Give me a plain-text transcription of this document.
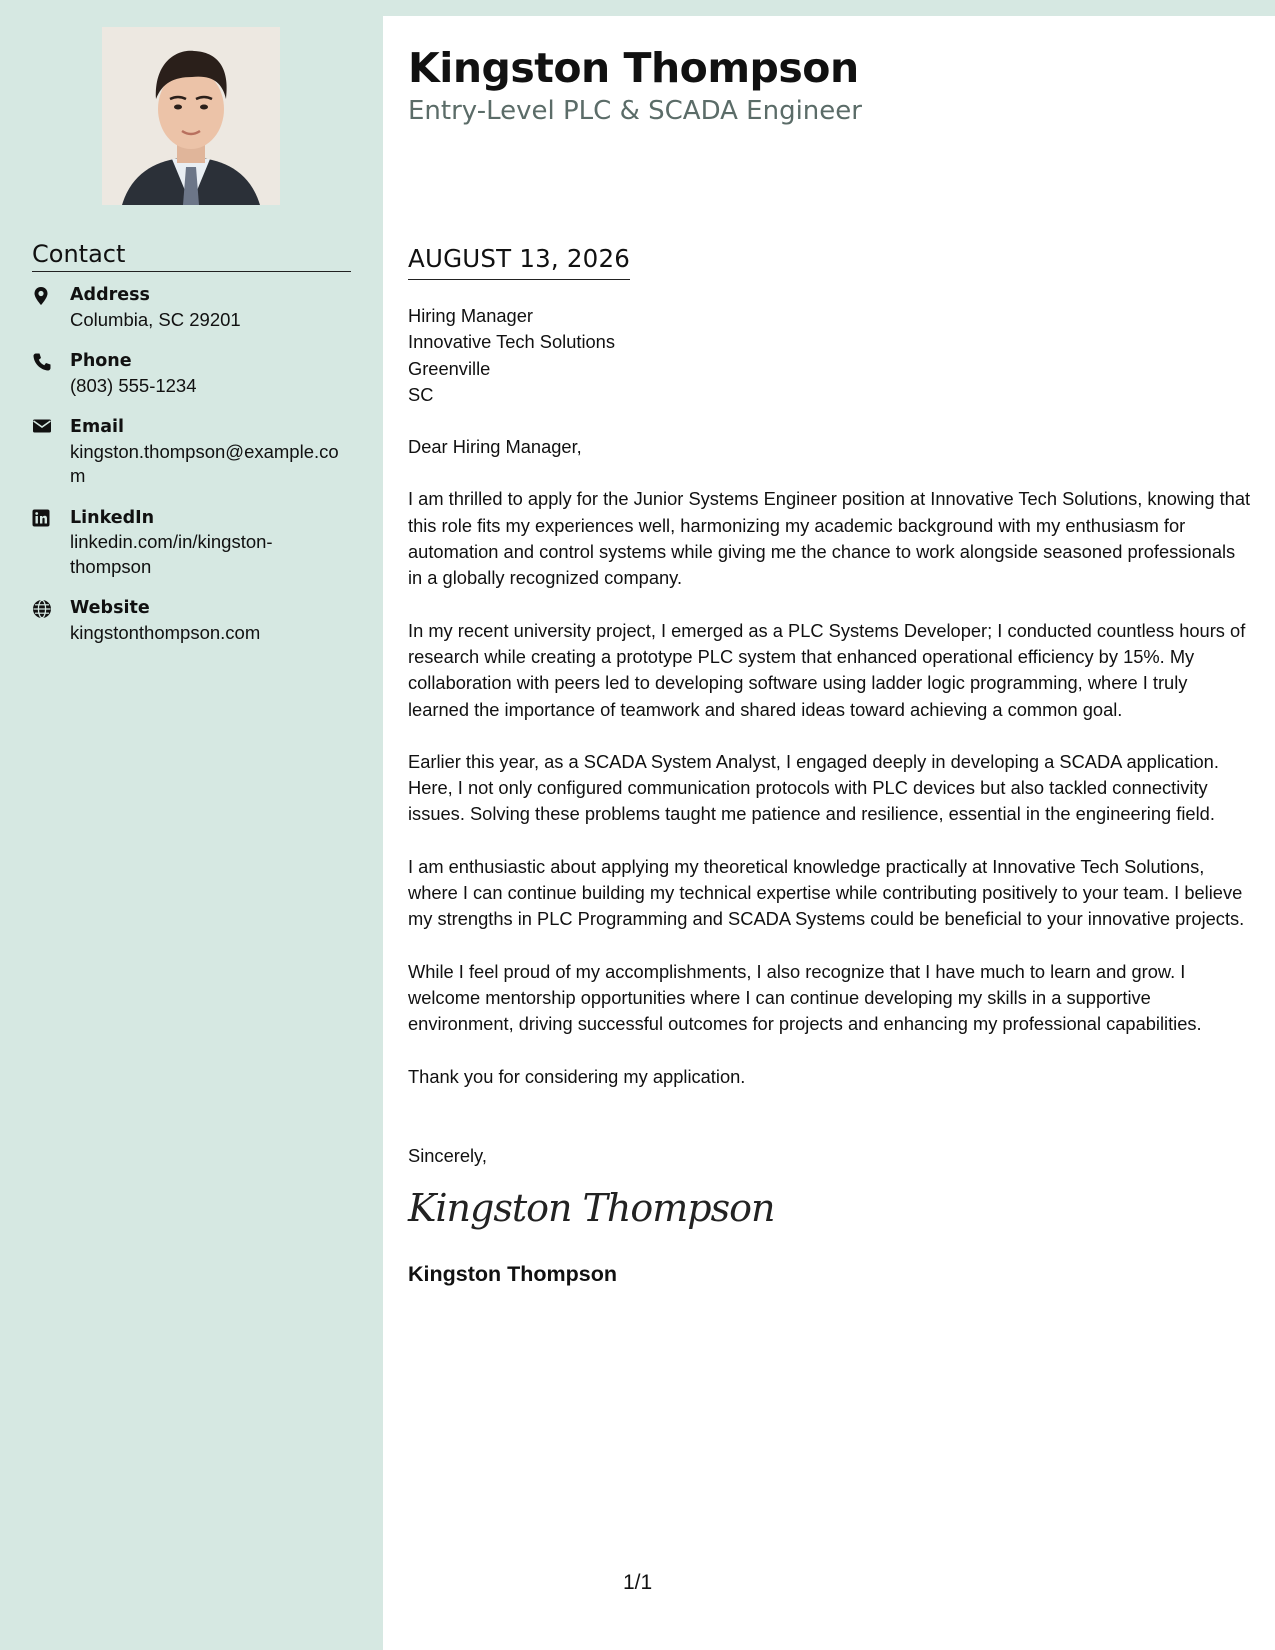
Contact
Address
Columbia, SC 29201
Phone
(803) 555-1234
Email
kingston.thompson@example.com
LinkedIn
linkedin.com/in/kingston-thompson
Website
kingstonthompson.com
Kingston Thompson
Entry-Level PLC & SCADA Engineer
AUGUST 13, 2026
Hiring Manager
Innovative Tech Solutions
Greenville
SC
Dear Hiring Manager,

I am thrilled to apply for the Junior Systems Engineer position at Innovative Tech Solutions, knowing that this role fits my experiences well, harmonizing my academic background with my enthusiasm for automation and control systems while giving me the chance to work alongside seasoned professionals in a globally recognized company.

In my recent university project, I emerged as a PLC Systems Developer; I conducted countless hours of research while creating a prototype PLC system that enhanced operational efficiency by 15%. My collaboration with peers led to developing software using ladder logic programming, where I truly learned the importance of teamwork and shared ideas toward achieving a common goal.

Earlier this year, as a SCADA System Analyst, I engaged deeply in developing a SCADA application. Here, I not only configured communication protocols with PLC devices but also tackled connectivity issues. Solving these problems taught me patience and resilience, essential in the engineering field.

I am enthusiastic about applying my theoretical knowledge practically at Innovative Tech Solutions, where I can continue building my technical expertise while contributing positively to your team. I believe my strengths in PLC Programming and SCADA Systems could be beneficial to your innovative projects.

While I feel proud of my accomplishments, I also recognize that I have much to learn and grow. I welcome mentorship opportunities where I can continue developing my skills in a supportive environment, driving successful outcomes for projects and enhancing my professional capabilities.

Thank you for considering my application.

Sincerely,
Kingston Thompson
Kingston Thompson
1/1
